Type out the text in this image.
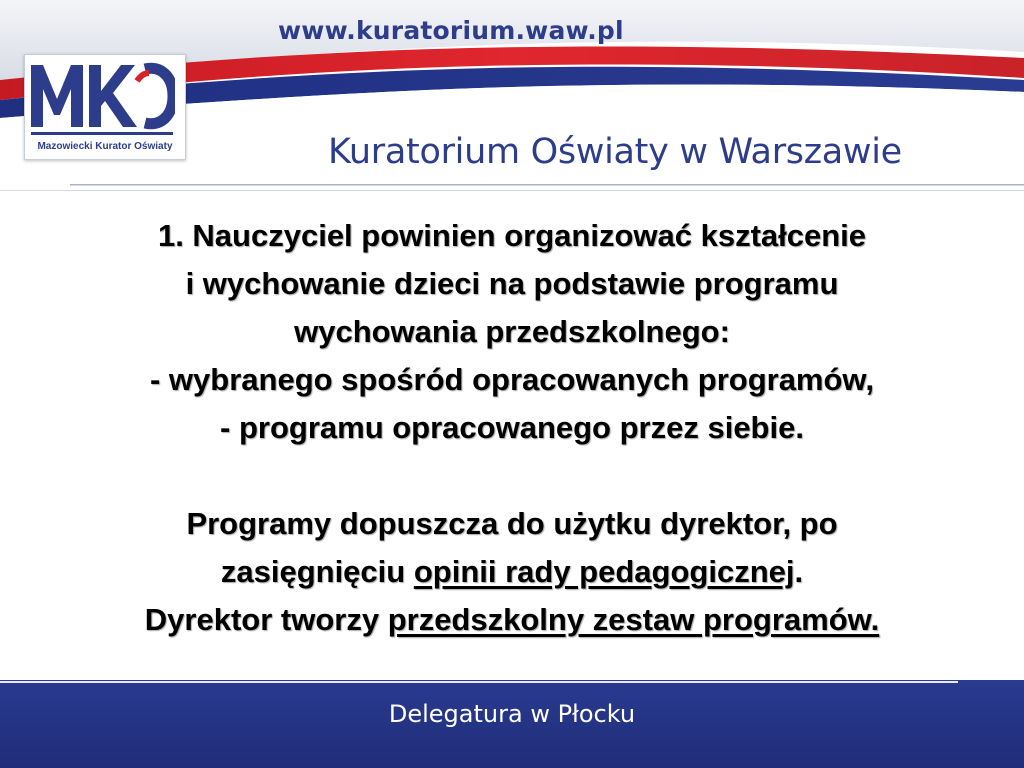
www.kuratorium.waw.pl
Mazowiecki Kurator Oświaty	Kuratorium Oświaty w Warszawie
1. Nauczyciel powinien organizować kształcenie
i wychowanie dzieci na podstawie programu
wychowania przedszkolnego:
- wybranego spośród opracowanych programów,
- programu opracowanego przez siebie.
Programy dopuszcza do użytku dyrektor, po
zasięgnięciu opinii rady pedagogicznej.
Dyrektor tworzy przedszkolny zestaw programów.
Delegatura w Płocku
